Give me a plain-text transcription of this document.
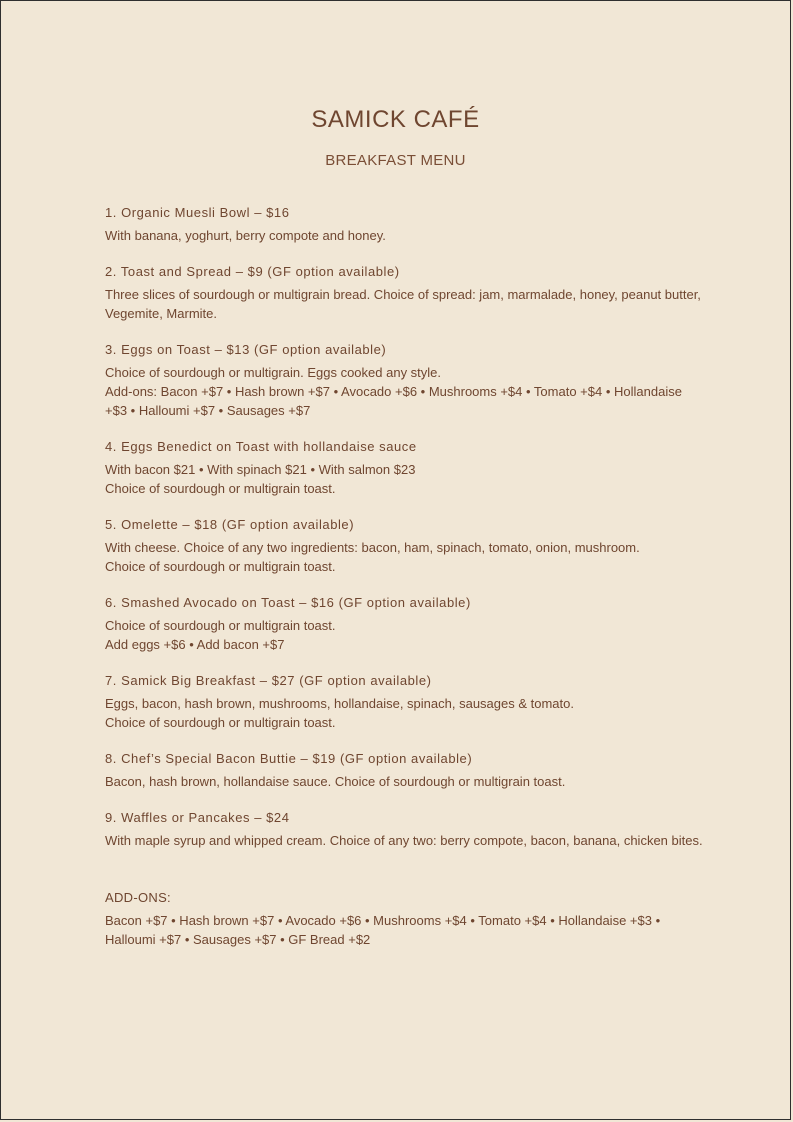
SAMICK CAFÉ
BREAKFAST MENU
1. Organic Muesli Bowl – $16
With banana, yoghurt, berry compote and honey.
2. Toast and Spread – $9 (GF option available)
Three slices of sourdough or multigrain bread. Choice of spread: jam, marmalade, honey, peanut butter, Vegemite, Marmite.
3. Eggs on Toast – $13 (GF option available)
Choice of sourdough or multigrain. Eggs cooked any style.
Add-ons: Bacon +$7 • Hash brown +$7 • Avocado +$6 • Mushrooms +$4 • Tomato +$4 • Hollandaise +$3 • Halloumi +$7 • Sausages +$7
4. Eggs Benedict on Toast with hollandaise sauce
With bacon $21 • With spinach $21 • With salmon $23
Choice of sourdough or multigrain toast.
5. Omelette – $18 (GF option available)
With cheese. Choice of any two ingredients: bacon, ham, spinach, tomato, onion, mushroom.
Choice of sourdough or multigrain toast.
6. Smashed Avocado on Toast – $16 (GF option available)
Choice of sourdough or multigrain toast.
Add eggs +$6 • Add bacon +$7
7. Samick Big Breakfast – $27 (GF option available)
Eggs, bacon, hash brown, mushrooms, hollandaise, spinach, sausages & tomato.
Choice of sourdough or multigrain toast.
8. Chef’s Special Bacon Buttie – $19 (GF option available)
Bacon, hash brown, hollandaise sauce. Choice of sourdough or multigrain toast.
9. Waffles or Pancakes – $24
With maple syrup and whipped cream. Choice of any two: berry compote, bacon, banana, chicken bites.
ADD-ONS:
Bacon +$7 • Hash brown +$7 • Avocado +$6 • Mushrooms +$4 • Tomato +$4 • Hollandaise +$3 • Halloumi +$7 • Sausages +$7 • GF Bread +$2
